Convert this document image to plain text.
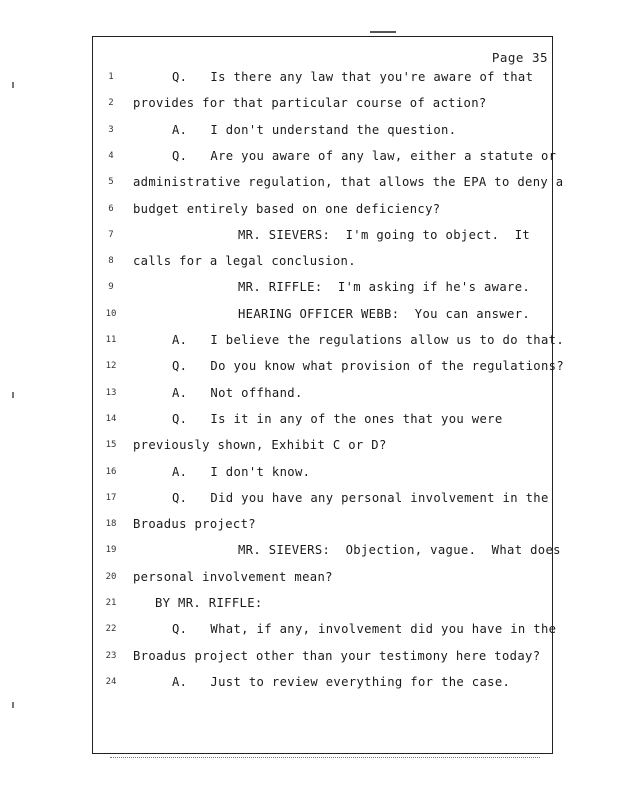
Page 35
1	Q.   Is there any law that you're aware of that
2	provides for that particular course of action?
3	A.   I don't understand the question.
4	Q.   Are you aware of any law, either a statute or
5	administrative regulation, that allows the EPA to deny a
6	budget entirely based on one deficiency?
7	MR. SIEVERS:  I'm going to object.  It
8	calls for a legal conclusion.
9	MR. RIFFLE:  I'm asking if he's aware.
10	HEARING OFFICER WEBB:  You can answer.
11	A.   I believe the regulations allow us to do that.
12	Q.   Do you know what provision of the regulations?
13	A.   Not offhand.
14	Q.   Is it in any of the ones that you were
15 previously shown, Exhibit C or D?
16	A.   I don't know.
17	Q.   Did you have any personal involvement in the
18 Broadus project?
19	MR. SIEVERS:  Objection, vague.  What does
20 personal involvement mean?
21	BY MR. RIFFLE:
22	Q.   What, if any, involvement did you have in the
23 Broadus project other than your testimony here today?
24	A.   Just to review everything for the case.
